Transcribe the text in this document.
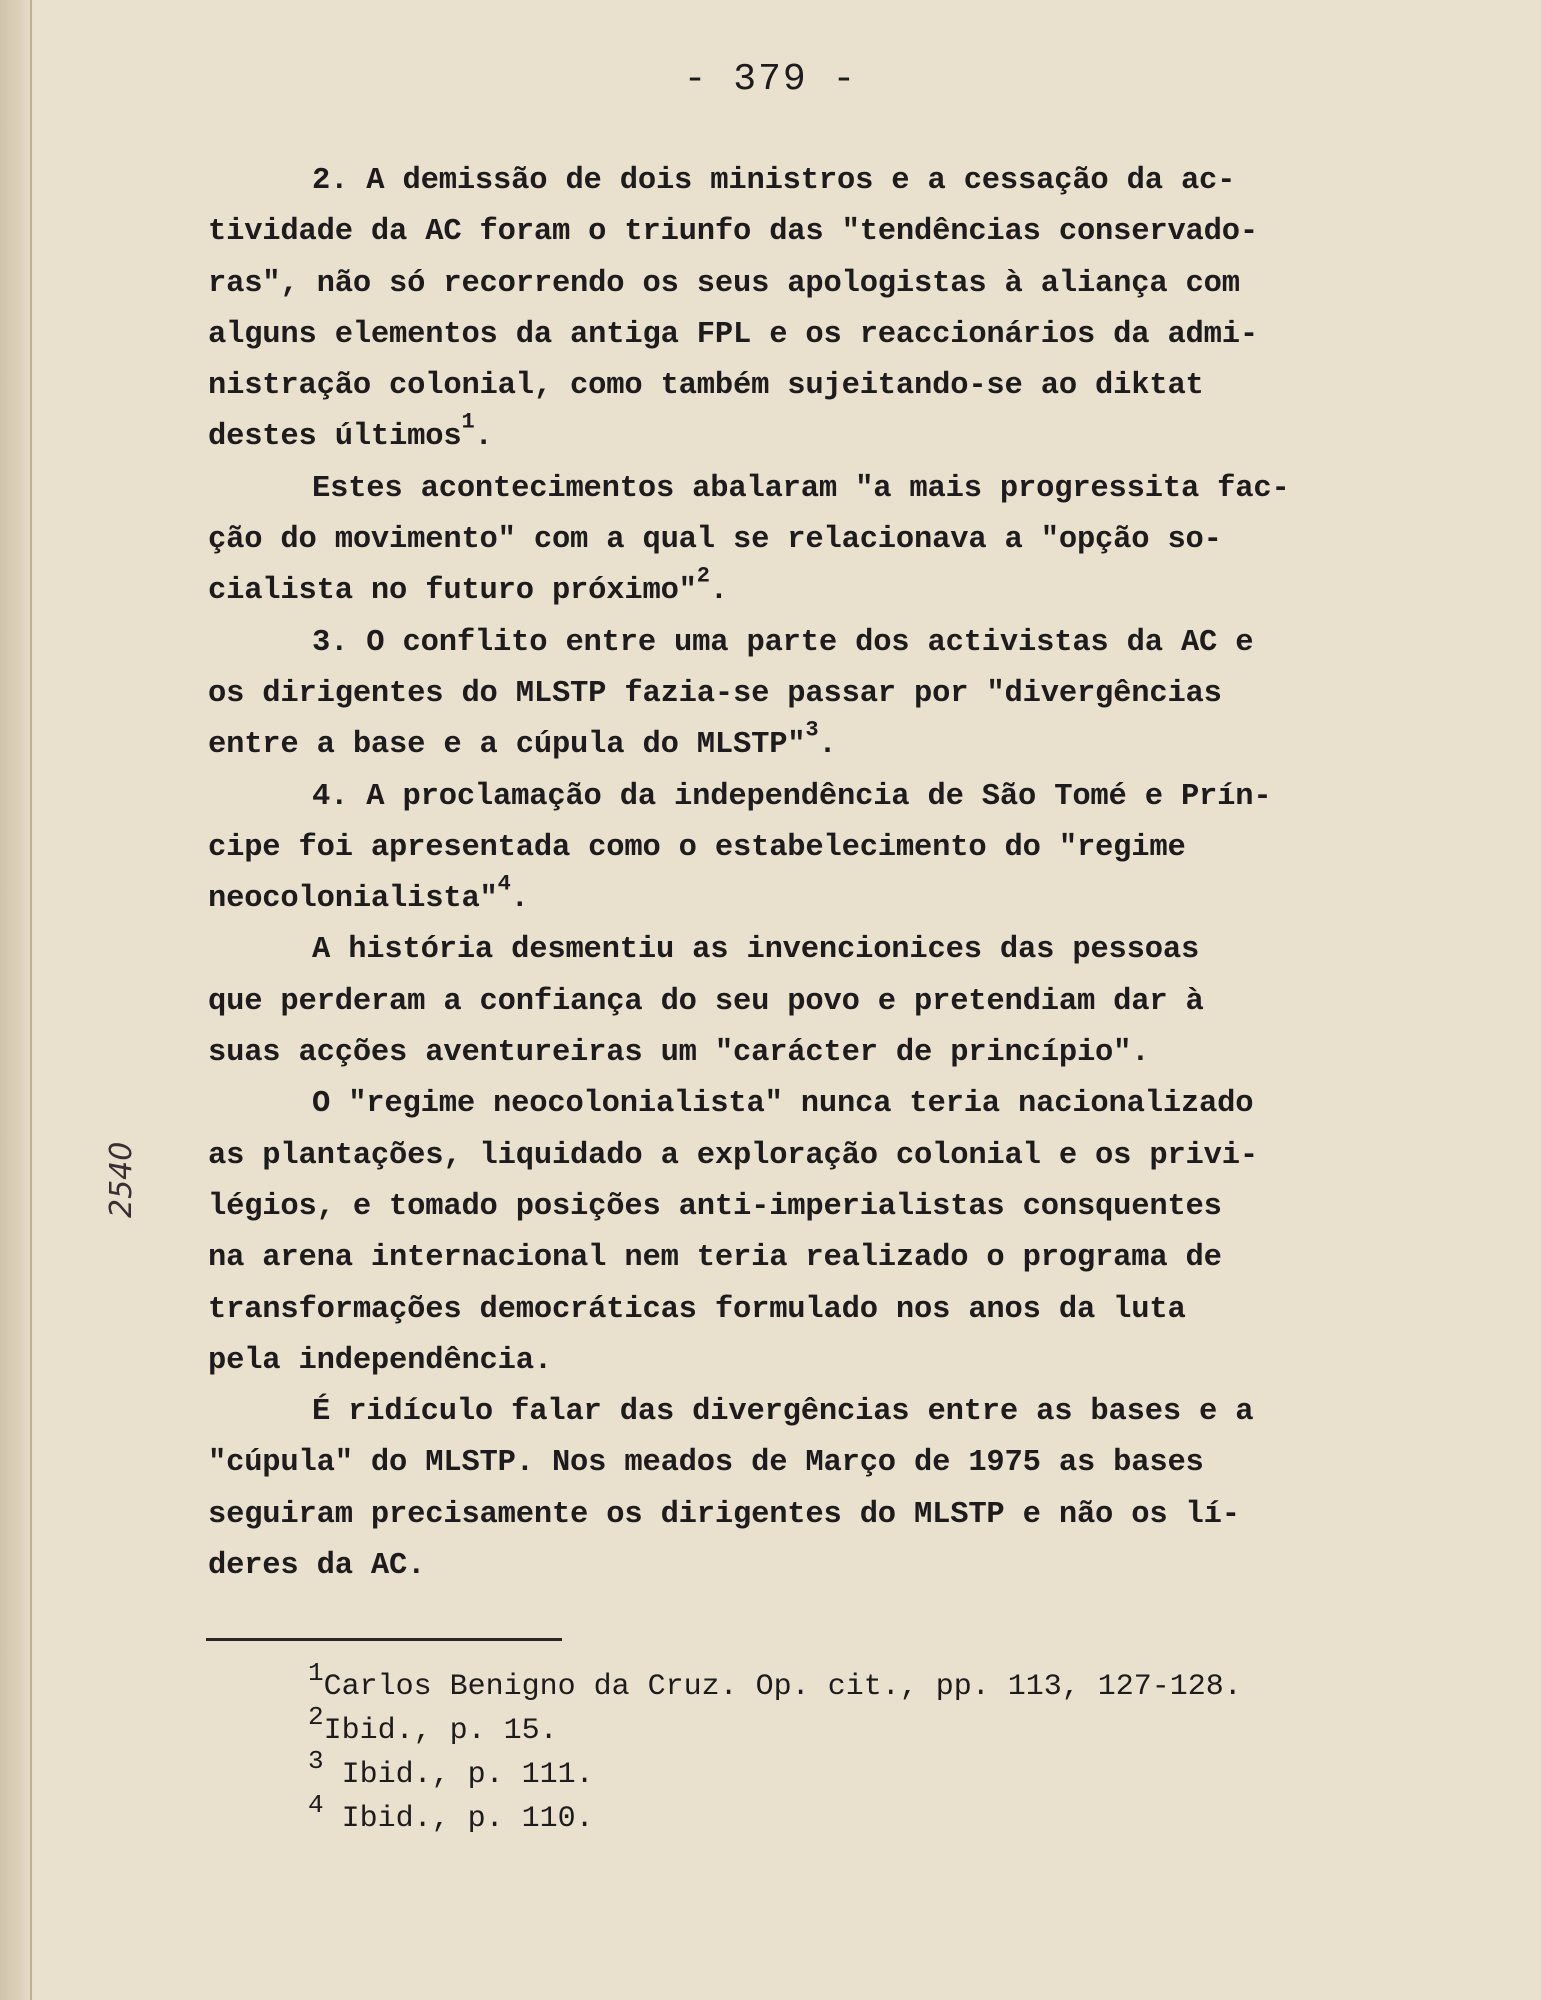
- 379 -
2540
2. A demissão de dois ministros e a cessação da ac-
tividade da AC foram o triunfo das "tendências conservado-
ras", não só recorrendo os seus apologistas à aliança com
alguns elementos da antiga FPL e os reaccionários da admi-
nistração colonial, como também sujeitando-se ao diktat
destes últimos$^1$.
Estes acontecimentos abalaram "a mais progressita fac-
ção do movimento" com a qual se relacionava a "opção so-
cialista no futuro próximo"$^2$.
3. O conflito entre uma parte dos activistas da AC e
os dirigentes do MLSTP fazia-se passar por "divergências
entre a base e a cúpula do MLSTP"$^3$.
4. A proclamação da independência de São Tomé e Prín-
cipe foi apresentada como o estabelecimento do "regime
neocolonialista"$^4$.
A história desmentiu as invencionices das pessoas
que perderam a confiança do seu povo e pretendiam dar à
suas acções aventureiras um "carácter de princípio".
O "regime neocolonialista" nunca teria nacionalizado
as plantações, liquidado a exploração colonial e os privi-
légios, e tomado posições anti-imperialistas consquentes
na arena internacional nem teria realizado o programa de
transformações democráticas formulado nos anos da luta
pela independência.
É ridículo falar das divergências entre as bases e a
"cúpula" do MLSTP. Nos meados de Março de 1975 as bases
seguiram precisamente os dirigentes do MLSTP e não os lí-
deres da AC.
1Carlos Benigno da Cruz. Op. cit., pp. 113, 127-128.
2Ibid., p. 15.
3 Ibid., p. 111.
4 Ibid., p. 110.
